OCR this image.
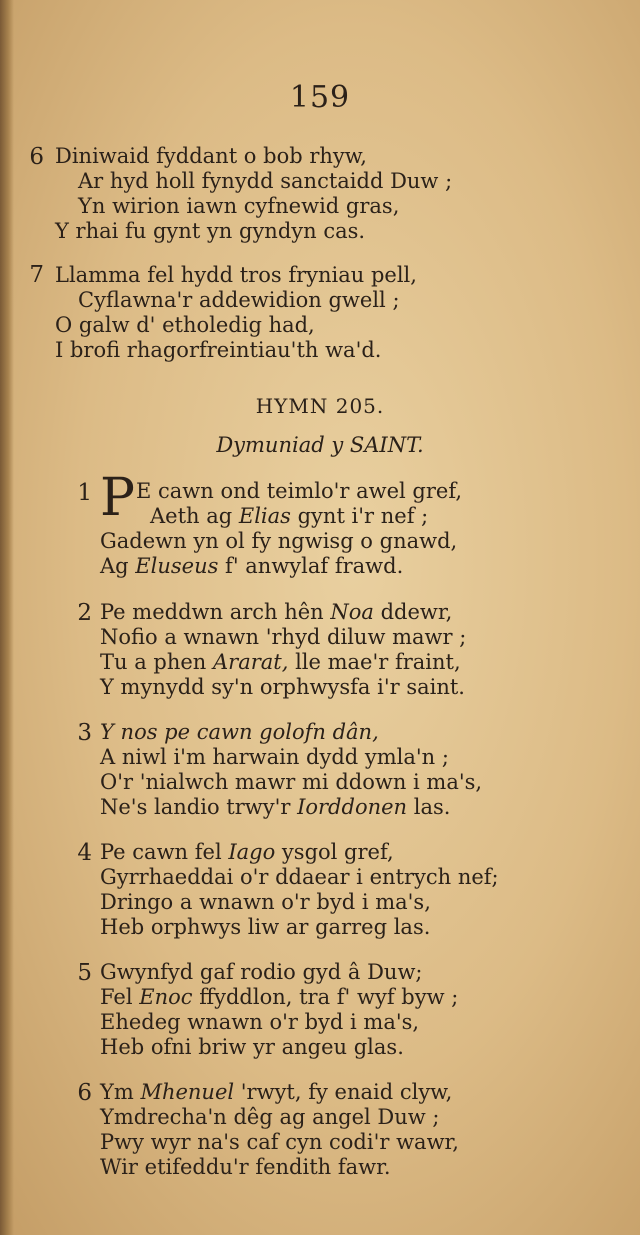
159
6 Diniwaid fyddant o bob rhyw,
Ar hyd holl fynydd sanctaidd Duw ;
Yn wirion iawn cyfnewid gras,
Y rhai fu gynt yn gyndyn cas.
7 Llamma fel hydd tros fryniau pell,
Cyflawna'r addewidion gwell ;
O galw d' etholedig had,
I brofi rhagorfreintiau'th wa'd.
HYMN 205.
Dymuniad y SAINT.
1 P E cawn ond teimlo'r awel gref,
Aeth ag Elias gynt i'r nef ;
Gadewn yn ol fy ngwisg o gnawd,
Ag Elиseus f' anwylaf frawd.
2 Pe meddwn arch hên Noa ddewr,
Nofio a wnawn 'rhyd diluw mawr ;
Tu a phen Ararat, lle mae'r fraint,
Y mynydd sy'n orphwysfa i'r saint.
3 Y nos pe cawn golofn dân,
A niwl i'm harwain dydd ymla'n ;
O'r 'nialwch mawr mi ddown i ma's,
Ne's landio trwy'r Iorddonen las.
4 Pe cawn fel Iago ysgol gref,
Gyrrhaeddai o'r ddaear i entrych nef;
Dringo a wnawn o'r byd i ma's,
Heb orphwys liw ar garreg las.
5 Gwynfyd gaf rodio gyd â Duw;
Fel Enoc ffyddlon, tra f' wyf byw ;
Ehedeg wnawn o'r byd i ma's,
Heb ofni briw yr angeu glas.
6 Ym Mhenuel 'rwyt, fy enaid clyw,
Ymdrecha'n dêg ag angel Duw ;
Pwy wyr na's caf cyn codi'r wawr,
Wir etifeddu'r fendith fawr.
